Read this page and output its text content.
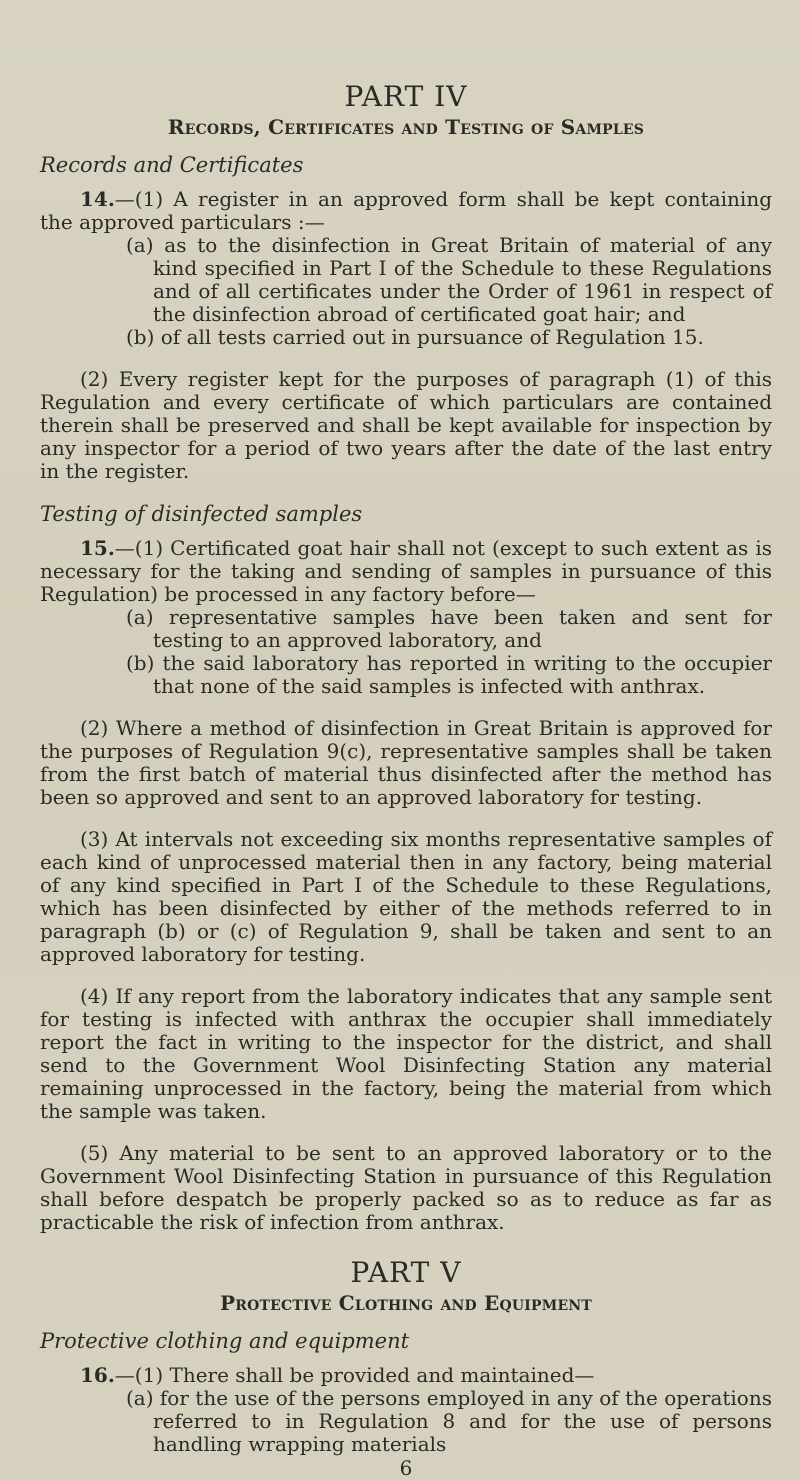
PART IV
Records, Certificates and Testing of Samples

Records and Certificates

14.—(1) A register in an approved form shall be kept containing the approved particulars :—

(a) as to the disinfection in Great Britain of material of any kind specified in Part I of the Schedule to these Regulations and of all certificates under the Order of 1961 in respect of the disinfection abroad of certificated goat hair; and

(b) of all tests carried out in pursuance of Regulation 15.

(2) Every register kept for the purposes of paragraph (1) of this Regulation and every certificate of which particulars are contained therein shall be preserved and shall be kept available for inspection by any inspector for a period of two years after the date of the last entry in the register.

Testing of disinfected samples

15.—(1) Certificated goat hair shall not (except to such extent as is necessary for the taking and sending of samples in pursuance of this Regulation) be processed in any factory before—

(a) representative samples have been taken and sent for testing to an approved laboratory, and

(b) the said laboratory has reported in writing to the occupier that none of the said samples is infected with anthrax.

(2) Where a method of disinfection in Great Britain is approved for the purposes of Regulation 9(c), representative samples shall be taken from the first batch of material thus disinfected after the method has been so approved and sent to an approved laboratory for testing.

(3) At intervals not exceeding six months representative samples of each kind of unprocessed material then in any factory, being material of any kind specified in Part I of the Schedule to these Regulations, which has been disinfected by either of the methods referred to in paragraph (b) or (c) of Regulation 9, shall be taken and sent to an approved laboratory for testing.

(4) If any report from the laboratory indicates that any sample sent for testing is infected with anthrax the occupier shall immediately report the fact in writing to the inspector for the district, and shall send to the Government Wool Disinfecting Station any material remaining unprocessed in the factory, being the material from which the sample was taken.

(5) Any material to be sent to an approved laboratory or to the Government Wool Disinfecting Station in pursuance of this Regulation shall before despatch be properly packed so as to reduce as far as practicable the risk of infection from anthrax.

PART V
Protective Clothing and Equipment

Protective clothing and equipment

16.—(1) There shall be provided and maintained—

(a) for the use of the persons employed in any of the operations referred to in Regulation 8 and for the use of persons handling wrapping materials

6
